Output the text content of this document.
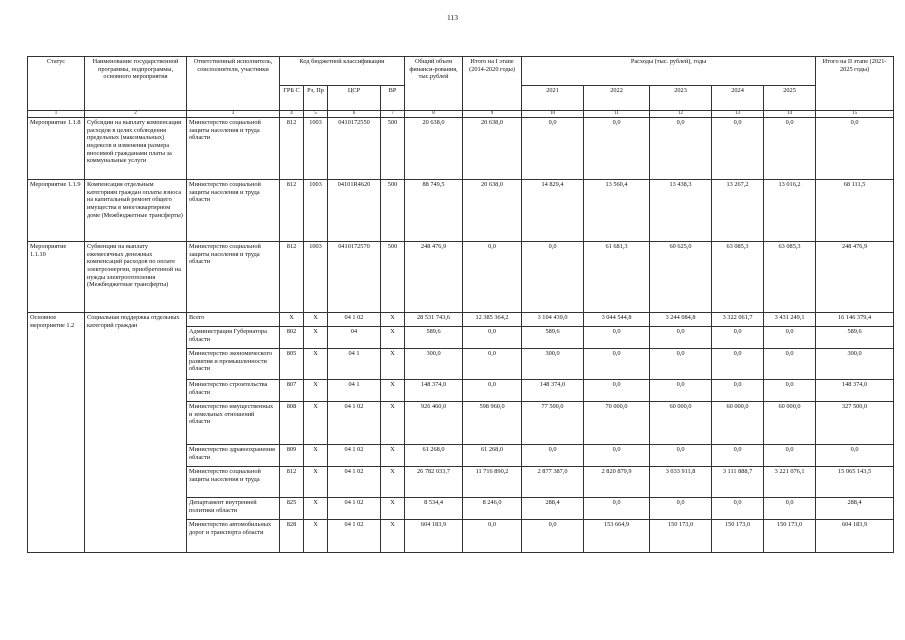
113
Статус	Наименование государственной программы, подпрограммы, основного мероприятия	Ответственный исполнитель, соисполнители, участники	Код бюджетной классификации				Общий объем финанси-рования, тыс.рублей	Итого на I этапе (2014-2020 годы)	Расходы (тыс. рублей), годы					Итого на II этапе (2021-2025 годы)
			ГРБ С	Рз, Пр	ЦСР	ВР			2021	2022	2023	2024	2025	
1	2	3	4	5	6	7	8	9	10	11	12	13	14	15
Мероприятие 1.1.8	Субсидии на выплату компенсации расходов в целях соблюдения предельных (максимальных) индексов и изменения размера вносимой гражданами платы за коммунальные услуги	Министерство социальной защиты населения и труда области	812	1003	0410172550	500	20 638,0	20 638,0	0,0	0,0	0,0	0,0	0,0	0,0
Мероприятие 1.1.9	Компенсация отдельным категориям граждан оплаты взноса на капитальный ремонт общего имущества в многоквартирном доме (Межбюджетные трансферты)	Министерство социальной защиты населения и труда области	812	1003	04101R4620	500	88 749,5	20 638,0	14 829,4	13 560,4	13 438,3	13 267,2	13 016,2	68 111,5
Мероприятие 1.1.10	Субвенции на выплату ежемесячных денежных компенсаций расходов по оплате электроэнергии, приобретенной на нужды электроотопления (Межбюджетные трансферты)	Министерство социальной защиты населения и труда области	812	1003	0410172570	500	248 476,9	0,0	0,0	61 681,3	60 625,0	63 085,3	63 085,3	248 476,9
Основное мероприятие 1.2	Социальная поддержка отдельных категорий граждан	Всего	X	X	04 1 02	X	28 531 743,6	12 385 364,2	3 104 439,0	3 044 544,8	3 244 084,8	3 322 061,7	3 431 249,1	16 146 379,4
		Администрация Губернатора области	802	X	04	X	589,6	0,0	589,6	0,0	0,0	0,0	0,0	589,6
		Министерство экономического развития и промышленности области	805	X	04 1	X	300,0	0,0	300,0	0,0	0,0	0,0	0,0	300,0
		Министерство строительства области	807	X	04 1	X	148 374,0	0,0	148 374,0	0,0	0,0	0,0	0,0	148 374,0
		Министерство имущественных и земельных отношений области	808	X	04 1 02	X	926 460,0	598 960,0	77 500,0	70 000,0	60 000,0	60 000,0	60 000,0	327 500,0
		Министерство здравоохранения области	809	X	04 1 02	X	61 268,0	61 268,0	0,0	0,0	0,0	0,0	0,0	0,0
		Министерство социальной защиты населения и труда	812	X	04 1 02	X	26 782 033,7	11 716 890,2	2 877 387,0	2 820 879,9	3 033 911,8	3 111 888,7	3 221 076,1	15 065 143,5
		Департамент внутренней политики области	825	X	04 1 02	X	8 534,4	8 246,0	288,4	0,0	0,0	0,0	0,0	288,4
		Министерство автомобильных дорог и транспорта области	828	X	04 1 02	X	604 183,9	0,0	0,0	153 664,9	150 173,0	150 173,0	150 173,0	604 183,9
